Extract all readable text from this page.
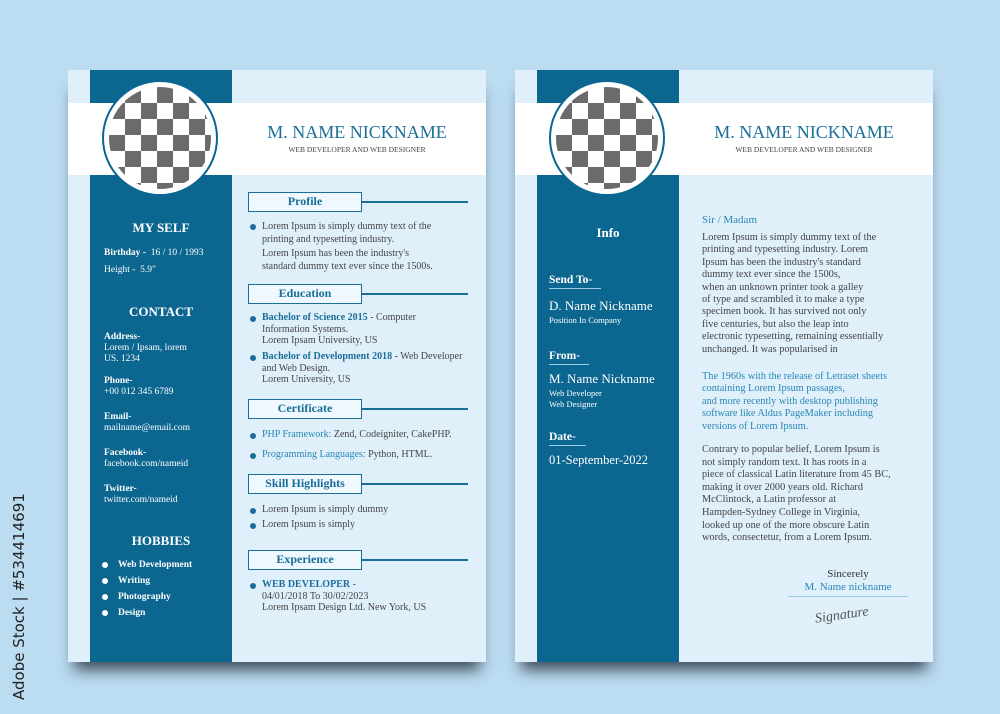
Adobe Stock | #534414691
M. NAME NICKNAME
WEB DEVELOPER AND WEB DESIGNER
MY SELF
Birthday - 16 / 10 / 1993
Height - 5.9"
CONTACT
Address-
Lorem / Ipsam, lorem
US. 1234
Phone-
+00 012 345 6789
Email-
mailname@email.com
Facebook-
facebook.com/nameid
Twitter-
twitter.com/nameid
HOBBIES
Web Development
Writing
Photography
Design
Profile
Lorem Ipsum is simply dummy text of the
printing and typesetting industry.
Lorem Ipsum has been the industry's
standard dummy text ever since the 1500s.
Education
Bachelor of Science 2015 - Computer
Information Systems.
Lorem Ipsam University, US
Bachelor of Development 2018 - Web Developer
and Web Design.
Lorem University, US
Certificate
PHP Framework: Zend, Codeigniter, CakePHP.
Programming Languages: Python, HTML.
Skill Highlights
Lorem Ipsum is simply dummy
Lorem Ipsum is simply
Experience
WEB DEVELOPER -
04/01/2018 To 30/02/2023
Lorem Ipsam Design Ltd. New York, US
M. NAME NICKNAME
WEB DEVELOPER AND WEB DESIGNER
Info
Send To-
D. Name Nickname
Position In Company
From-
M. Name Nickname
Web Developer
Web Designer
Date-
01-September-2022
Sir / Madam
Lorem Ipsum is simply dummy text of the
printing and typesetting industry. Lorem
Ipsum has been the industry's standard
dummy text ever since the 1500s,
when an unknown printer took a galley
of type and scrambled it to make a type
specimen book. It has survived not only
five centuries, but also the leap into
electronic typesetting, remaining essentially
unchanged. It was popularised in
The 1960s with the release of Letraset sheets
containing Lorem Ipsum passages,
and more recently with desktop publishing
software like Aldus PageMaker including
versions of Lorem Ipsum.
Contrary to popular belief, Lorem Ipsum is
not simply random text. It has roots in a
piece of classical Latin literature from 45 BC,
making it over 2000 years old. Richard
McClintock, a Latin professor at
Hampden-Sydney College in Virginia,
looked up one of the more obscure Latin
words, consectetur, from a Lorem Ipsum.
Sincerely
M. Name nickname
Signature
